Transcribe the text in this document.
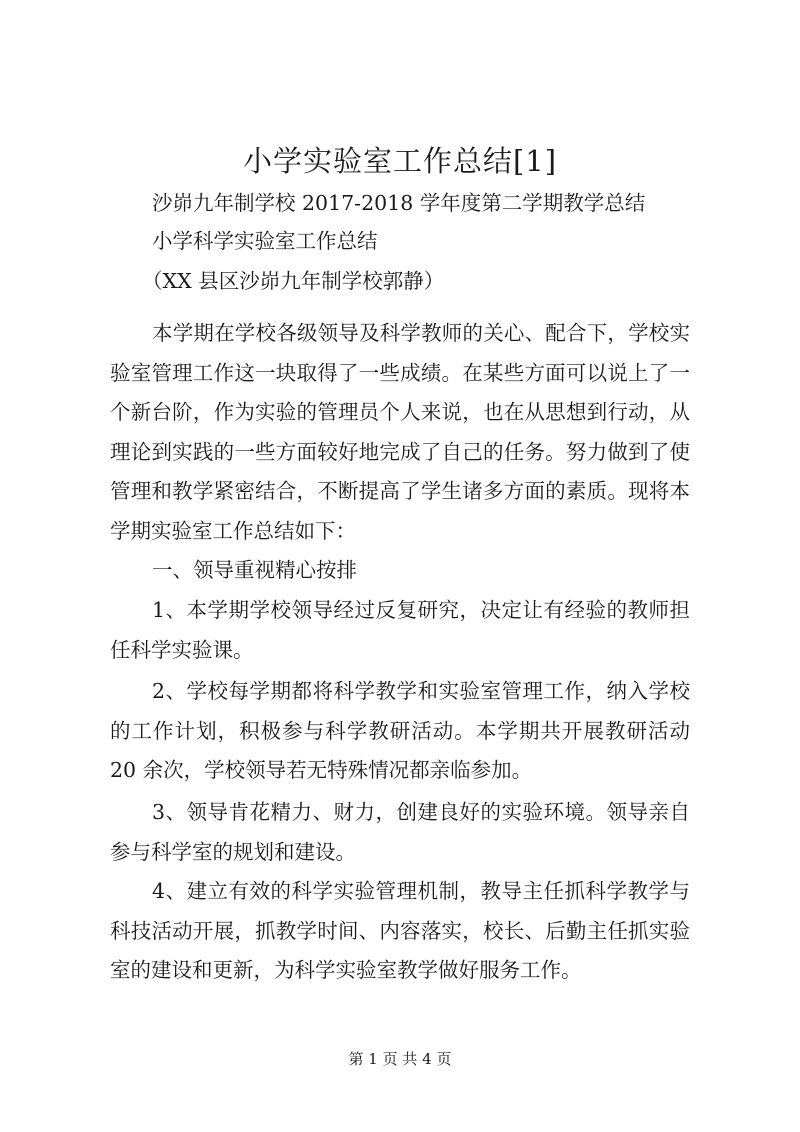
小学实验室工作总结[1]
沙峁九年制学校 2017-2018 学年度第二学期教学总结
小学科学实验室工作总结
（XX 县区沙峁九年制学校郭静）

本学期在学校各级领导及科学教师的关心、配合下，学校实验室管理工作这一块取得了一些成绩。在某些方面可以说上了一个新台阶，作为实验的管理员个人来说，也在从思想到行动，从理论到实践的一些方面较好地完成了自己的任务。努力做到了使管理和教学紧密结合，不断提高了学生诸多方面的素质。现将本学期实验室工作总结如下：

一、领导重视精心按排

1、本学期学校领导经过反复研究，决定让有经验的教师担任科学实验课。

2、学校每学期都将科学教学和实验室管理工作，纳入学校的工作计划，积极参与科学教研活动。本学期共开展教研活动 20 余次，学校领导若无特殊情况都亲临参加。

3、领导肯花精力、财力，创建良好的实验环境。领导亲自参与科学室的规划和建设。

4、建立有效的科学实验管理机制，教导主任抓科学教学与科技活动开展，抓教学时间、内容落实，校长、后勤主任抓实验室的建设和更新，为科学实验室教学做好服务工作。

第 1 页 共 4 页
